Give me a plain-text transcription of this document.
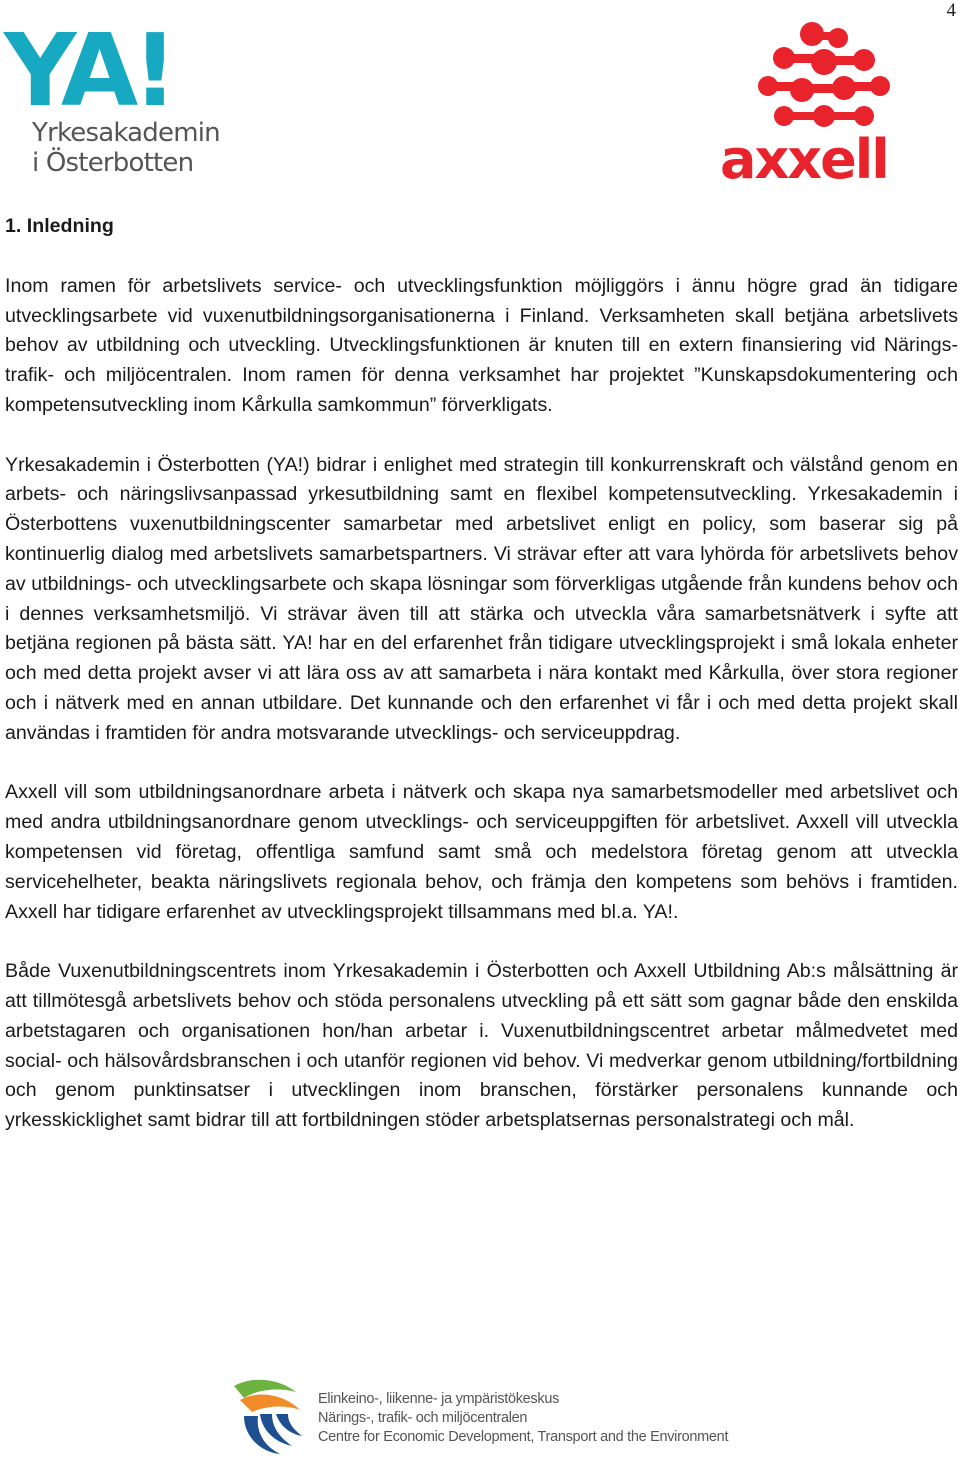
4
YA!
Yrkesakademin
i Österbotten	axxell
1. Inledning

Inom ramen för arbetslivets service- och utvecklingsfunktion möjliggörs i ännu högre grad än tidigare utvecklingsarbete vid vuxenutbildningsorganisationerna i Finland. Verksamheten skall betjäna arbetslivets behov av utbildning och utveckling. Utvecklingsfunktionen är knuten till en extern finansiering vid Närings- trafik- och miljöcentralen. Inom ramen för denna verksamhet har projektet ”Kunskapsdokumentering och kompetensutveckling inom Kårkulla samkommun” förverkligats.

Yrkesakademin i Österbotten (YA!) bidrar i enlighet med strategin till konkurrenskraft och välstånd genom en arbets- och näringslivsanpassad yrkesutbildning samt en flexibel kompetensutveckling. Yrkesakademin i Österbottens vuxenutbildningscenter samarbetar med arbetslivet enligt en policy, som baserar sig på kontinuerlig dialog med arbetslivets samarbetspartners. Vi strävar efter att vara lyhörda för arbetslivets behov av utbildnings- och utvecklingsarbete och skapa lösningar som förverkligas utgående från kundens behov och i dennes verksamhetsmiljö. Vi strävar även till att stärka och utveckla våra samarbetsnätverk i syfte att betjäna regionen på bästa sätt. YA! har en del erfarenhet från tidigare utvecklingsprojekt i små lokala enheter och med detta projekt avser vi att lära oss av att samarbeta i nära kontakt med Kårkulla, över stora regioner och i nätverk med en annan utbildare. Det kunnande och den erfarenhet vi får i och med detta projekt skall användas i framtiden för andra motsvarande utvecklings- och serviceuppdrag.

Axxell vill som utbildningsanordnare arbeta i nätverk och skapa nya samarbetsmodeller med arbetslivet och med andra utbildningsanordnare genom utvecklings- och serviceuppgiften för arbetslivet. Axxell vill utveckla kompetensen vid företag, offentliga samfund samt små och medelstora företag genom att utveckla servicehelheter, beakta näringslivets regionala behov, och främja den kompetens som behövs i framtiden. Axxell har tidigare erfarenhet av utvecklingsprojekt tillsammans med bl.a. YA!.

Både Vuxenutbildningscentrets inom Yrkesakademin i Österbotten och Axxell Utbildning Ab:s målsättning är att tillmötesgå arbetslivets behov och stöda personalens utveckling på ett sätt som gagnar både den enskilda arbetstagaren och organisationen hon/han arbetar i. Vuxenutbildningscentret arbetar målmedvetet med social- och hälsovårdsbranschen i och utanför regionen vid behov. Vi medverkar genom utbildning/fortbildning och genom punktinsatser i utvecklingen inom branschen, förstärker personalens kunnande och yrkesskicklighet samt bidrar till att fortbildningen stöder arbetsplatsernas personalstrategi och mål.

Elinkeino-, liikenne- ja ympäristökeskus
Närings-, trafik- och miljöcentralen
Centre for Economic Development, Transport and the Environment
